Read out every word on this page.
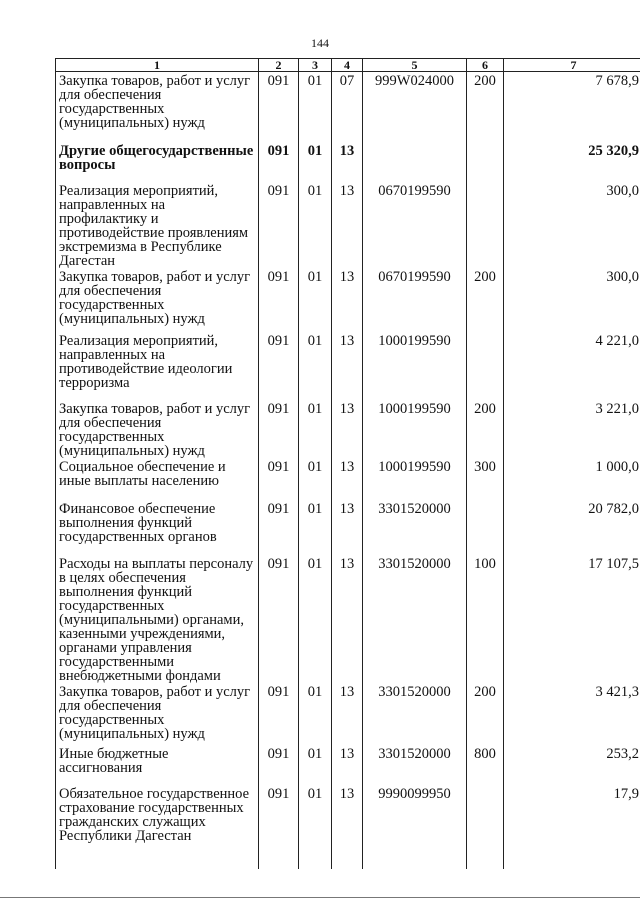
144
1	2	3	4	5	6	7
Закупка товаров, работ и услуг для обеспечения государственных (муниципальных) нужд	091	01	07	999W024000	200	7 678,9
Другие общегосударственные вопросы	091	01	13			25 320,9
Реализация мероприятий, направленных на профилактику и противодействие проявлениям экстремизма в Республике Дагестан	091	01	13	0670199590		300,0
Закупка товаров, работ и услуг для обеспечения государственных (муниципальных) нужд	091	01	13	0670199590	200	300,0
Реализация мероприятий, направленных на противодействие идеологии терроризма	091	01	13	1000199590		4 221,0
Закупка товаров, работ и услуг для обеспечения государственных (муниципальных) нужд	091	01	13	1000199590	200	3 221,0
Социальное обеспечение и иные выплаты населению	091	01	13	1000199590	300	1 000,0
Финансовое обеспечение выполнения функций государственных органов	091	01	13	3301520000		20 782,0
Расходы на выплаты персоналу в целях обеспечения выполнения функций государственных (муниципальными) органами, казенными учреждениями, органами управления государственными внебюджетными фондами	091	01	13	3301520000	100	17 107,5
Закупка товаров, работ и услуг для обеспечения государственных (муниципальных) нужд	091	01	13	3301520000	200	3 421,3
Иные бюджетные ассигнования	091	01	13	3301520000	800	253,2
Обязательное государственное страхование государственных гражданских служащих Республики Дагестан	091	01	13	9990099950		17,9
